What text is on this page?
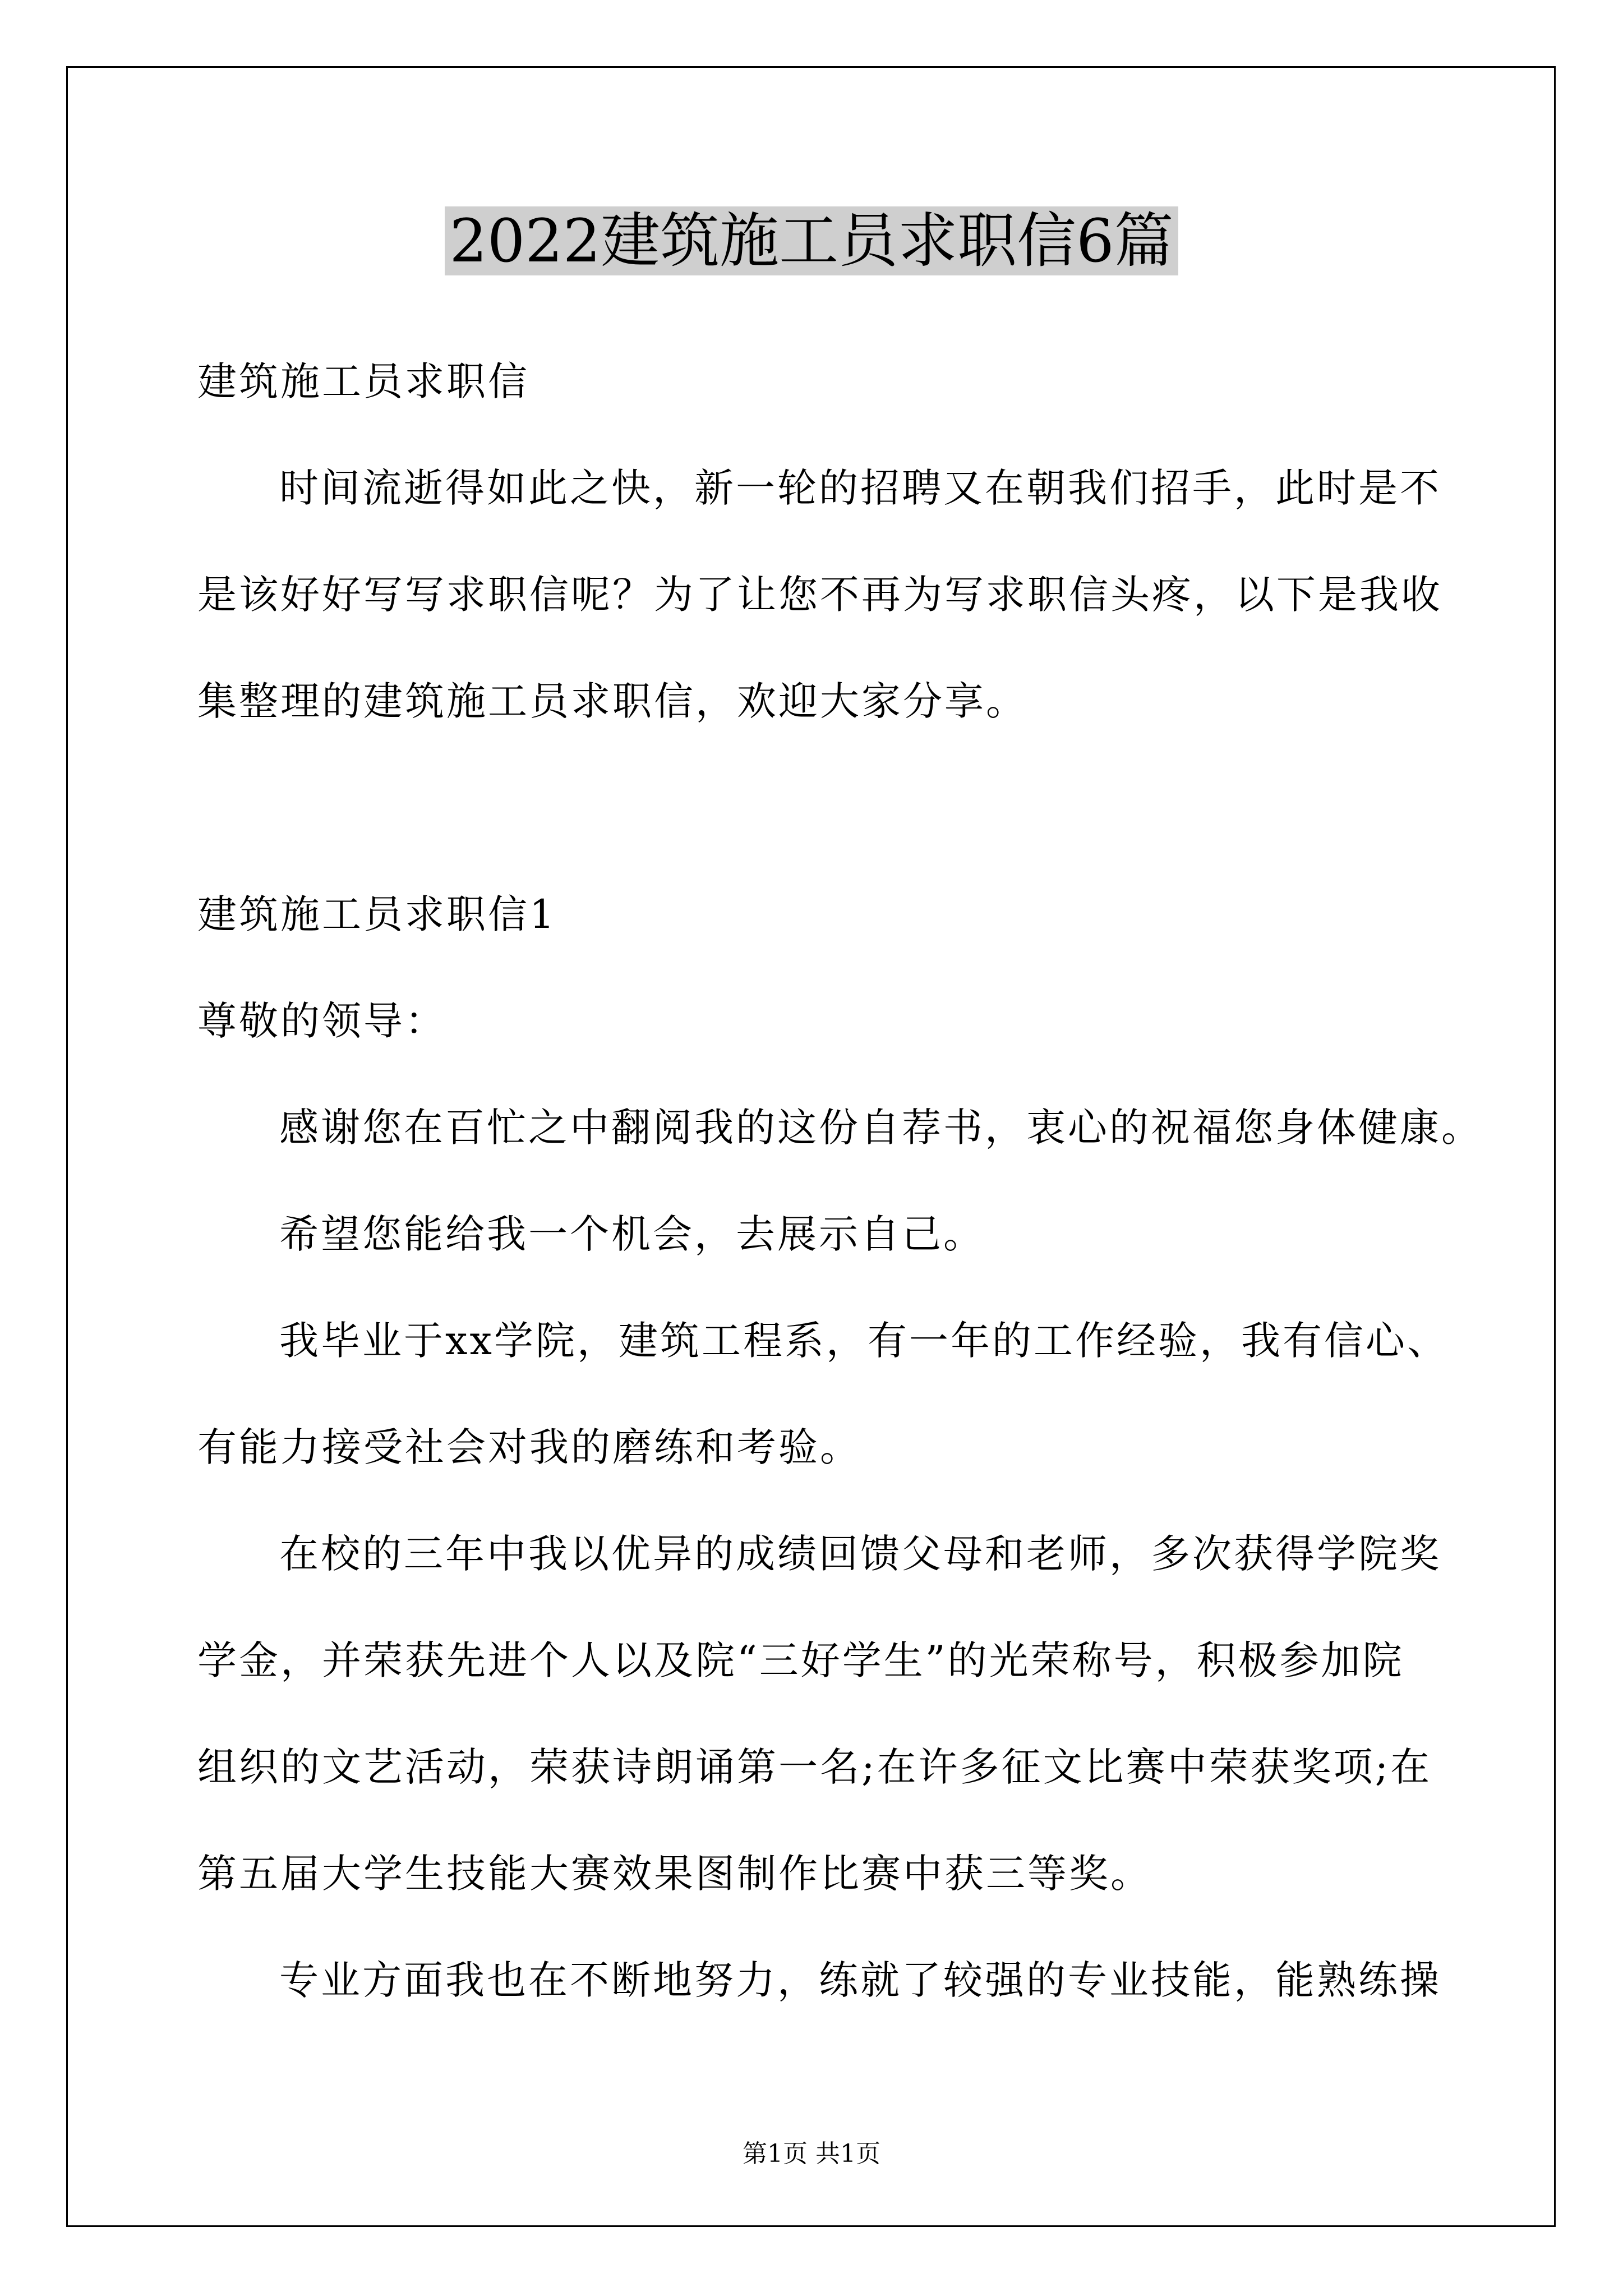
2022建筑施工员求职信6篇
建筑施工员求职信
时间流逝得如此之快，新一轮的招聘又在朝我们招手，此时是不
是该好好写写求职信呢？为了让您不再为写求职信头疼，以下是我收
集整理的建筑施工员求职信，欢迎大家分享。
建筑施工员求职信1
尊敬的领导：
感谢您在百忙之中翻阅我的这份自荐书，衷心的祝福您身体健康。
希望您能给我一个机会，去展示自己。
我毕业于xx学院，建筑工程系，有一年的工作经验，我有信心、
有能力接受社会对我的磨练和考验。
在校的三年中我以优异的成绩回馈父母和老师，多次获得学院奖
学金，并荣获先进个人以及院“三好学生”的光荣称号，积极参加院
组织的文艺活动，荣获诗朗诵第一名;在许多征文比赛中荣获奖项;在
第五届大学生技能大赛效果图制作比赛中获三等奖。
专业方面我也在不断地努力，练就了较强的专业技能，能熟练操
第1页 共1页
